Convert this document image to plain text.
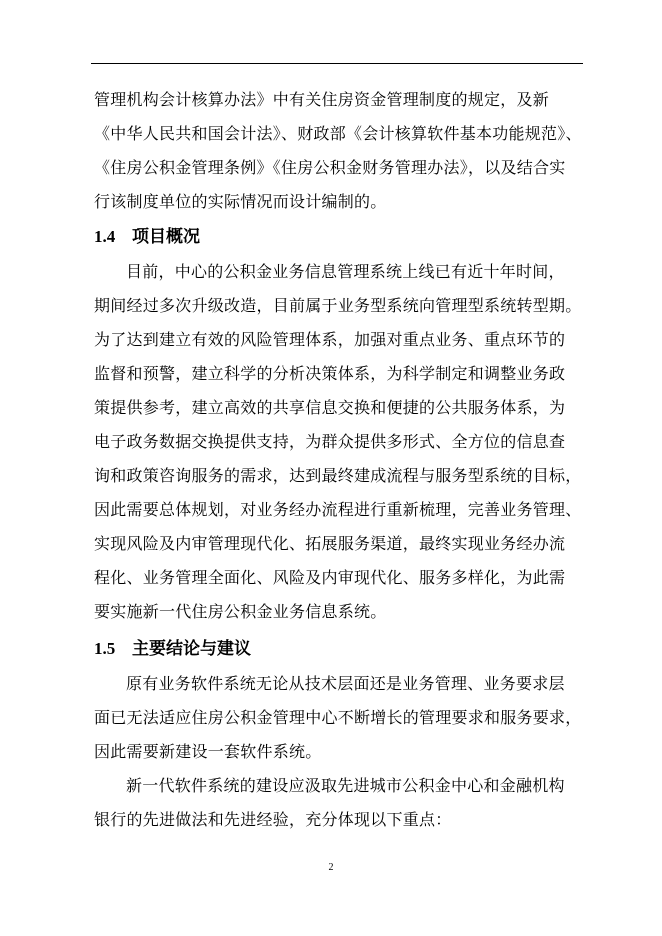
管理机构会计核算办法》中有关住房资金管理制度的规定，及新
《中华人民共和国会计法》、财政部《会计核算软件基本功能规范》、
《住房公积金管理条例》《住房公积金财务管理办法》，以及结合实
行该制度单位的实际情况而设计编制的。
1.4 项目概况
目前，中心的公积金业务信息管理系统上线已有近十年时间，
期间经过多次升级改造，目前属于业务型系统向管理型系统转型期。
为了达到建立有效的风险管理体系，加强对重点业务、重点环节的
监督和预警，建立科学的分析决策体系，为科学制定和调整业务政
策提供参考，建立高效的共享信息交换和便捷的公共服务体系，为
电子政务数据交换提供支持，为群众提供多形式、全方位的信息查
询和政策咨询服务的需求，达到最终建成流程与服务型系统的目标，
因此需要总体规划，对业务经办流程进行重新梳理，完善业务管理、
实现风险及内审管理现代化、拓展服务渠道，最终实现业务经办流
程化、业务管理全面化、风险及内审现代化、服务多样化，为此需
要实施新一代住房公积金业务信息系统。
1.5 主要结论与建议
原有业务软件系统无论从技术层面还是业务管理、业务要求层
面已无法适应住房公积金管理中心不断增长的管理要求和服务要求，
因此需要新建设一套软件系统。
新一代软件系统的建设应汲取先进城市公积金中心和金融机构
银行的先进做法和先进经验，充分体现以下重点：
2
